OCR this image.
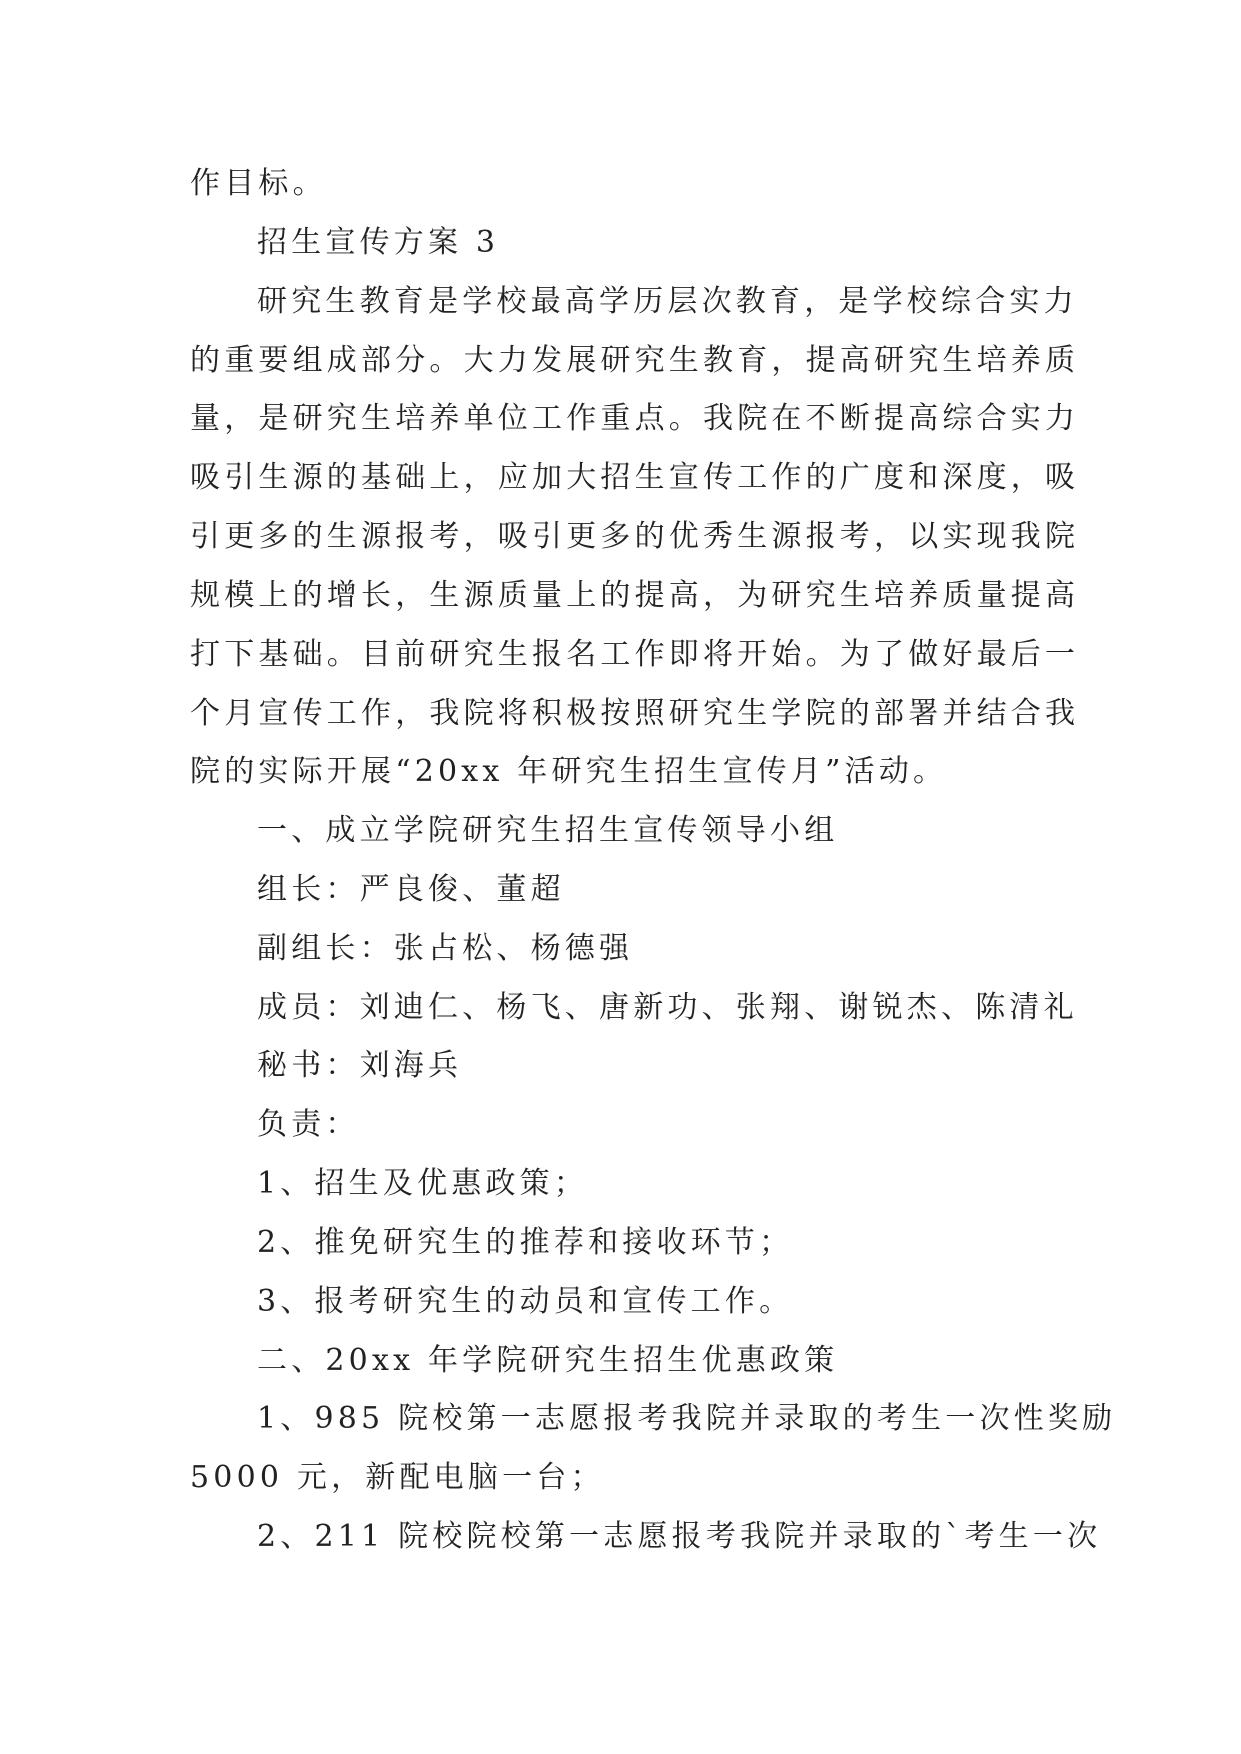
作目标。
招生宣传方案 3
研究生教育是学校最高学历层次教育，是学校综合实力
的重要组成部分。大力发展研究生教育，提高研究生培养质
量，是研究生培养单位工作重点。我院在不断提高综合实力
吸引生源的基础上，应加大招生宣传工作的广度和深度，吸
引更多的生源报考，吸引更多的优秀生源报考，以实现我院
规模上的增长，生源质量上的提高，为研究生培养质量提高
打下基础。目前研究生报名工作即将开始。为了做好最后一
个月宣传工作，我院将积极按照研究生学院的部署并结合我
院的实际开展“20xx 年研究生招生宣传月”活动。
一、成立学院研究生招生宣传领导小组
组长：严良俊、董超
副组长：张占松、杨德强
成员：刘迪仁、杨飞、唐新功、张翔、谢锐杰、陈清礼
秘书：刘海兵
负责：
1、招生及优惠政策；
2、推免研究生的推荐和接收环节；
3、报考研究生的动员和宣传工作。
二、20xx 年学院研究生招生优惠政策
1、985 院校第一志愿报考我院并录取的考生一次性奖励
5000 元，新配电脑一台；
2、211 院校院校第一志愿报考我院并录取的`考生一次
